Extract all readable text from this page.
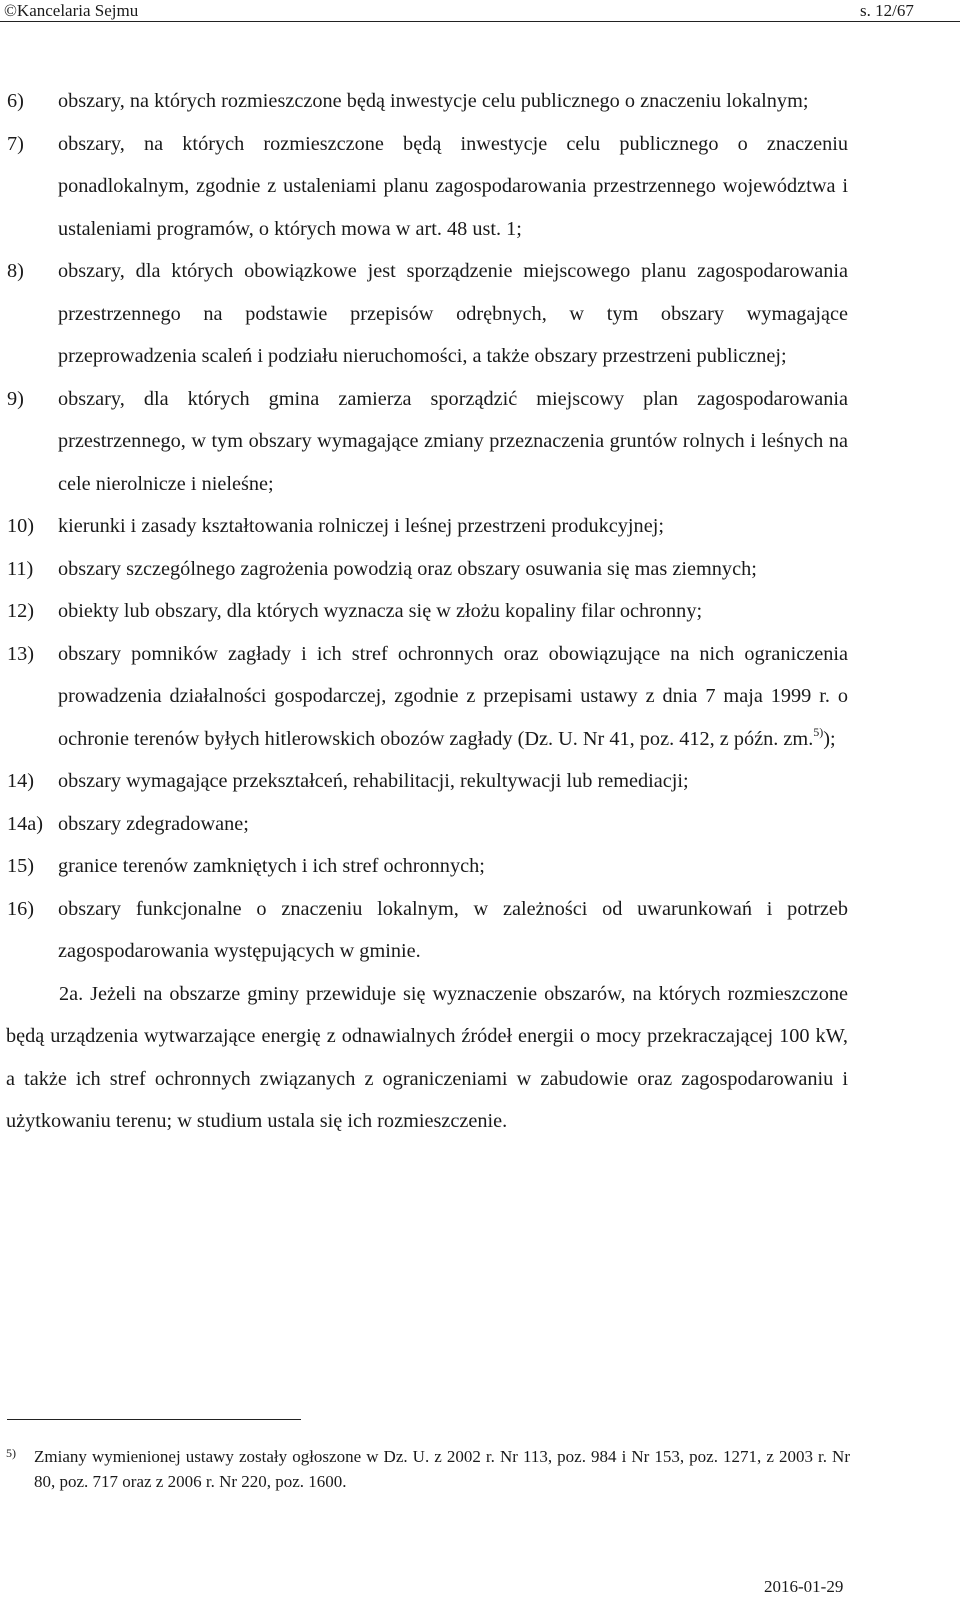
©Kancelaria Sejmu	s. 12/67
6) obszary, na których rozmieszczone będą inwestycje celu publicznego o znaczeniu lokalnym;
7) obszary, na których rozmieszczone będą inwestycje celu publicznego o znaczeniu ponadlokalnym, zgodnie z ustaleniami planu zagospodarowania przestrzennego województwa i ustaleniami programów, o których mowa w art. 48 ust. 1;
8) obszary, dla których obowiązkowe jest sporządzenie miejscowego planu zagospodarowania przestrzennego na podstawie przepisów odrębnych, w tym obszary wymagające przeprowadzenia scaleń i podziału nieruchomości, a także obszary przestrzeni publicznej;
9) obszary, dla których gmina zamierza sporządzić miejscowy plan zagospodarowania przestrzennego, w tym obszary wymagające zmiany przeznaczenia gruntów rolnych i leśnych na cele nierolnicze i nieleśne;
10) kierunki i zasady kształtowania rolniczej i leśnej przestrzeni produkcyjnej;
11) obszary szczególnego zagrożenia powodzią oraz obszary osuwania się mas ziemnych;
12) obiekty lub obszary, dla których wyznacza się w złożu kopaliny filar ochronny;
13) obszary pomników zagłady i ich stref ochronnych oraz obowiązujące na nich ograniczenia prowadzenia działalności gospodarczej, zgodnie z przepisami ustawy z dnia 7 maja 1999 r. o ochronie terenów byłych hitlerowskich obozów zagłady (Dz. U. Nr 41, poz. 412, z późn. zm.$^{5)}$);
14) obszary wymagające przekształceń, rehabilitacji, rekultywacji lub remediacji;
14a) obszary zdegradowane;
15) granice terenów zamkniętych i ich stref ochronnych;
16) obszary funkcjonalne o znaczeniu lokalnym, w zależności od uwarunkowań i potrzeb zagospodarowania występujących w gminie.
2a. Jeżeli na obszarze gminy przewiduje się wyznaczenie obszarów, na których rozmieszczone będą urządzenia wytwarzające energię z odnawialnych źródeł energii o mocy przekraczającej 100 kW, a także ich stref ochronnych związanych z ograniczeniami w zabudowie oraz zagospodarowaniu i użytkowaniu terenu; w studium ustala się ich rozmieszczenie.
5) Zmiany wymienionej ustawy zostały ogłoszone w Dz. U. z 2002 r. Nr 113, poz. 984 i Nr 153, poz. 1271, z 2003 r. Nr 80, poz. 717 oraz z 2006 r. Nr 220, poz. 1600.
2016-01-29
